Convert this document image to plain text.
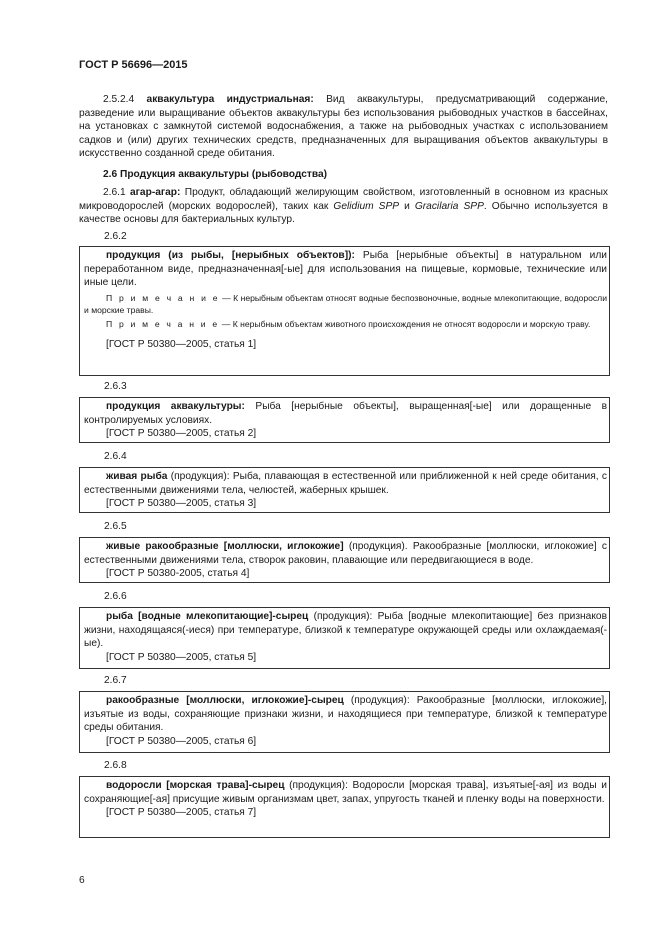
ГОСТ Р 56696—2015
2.5.2.4 аквакультура индустриальная: Вид аквакультуры, предусматривающий содержание, разведение или выращивание объектов аквакультуры без использования рыбоводных участков в бассейнах, на установках с замкнутой системой водоснабжения, а также на рыбоводных участках с использованием садков и (или) других технических средств, предназначенных для выращивания объектов аквакультуры в искусственно созданной среде обитания.
2.6 Продукция аквакультуры (рыбоводства)
2.6.1 агар-агар: Продукт, обладающий желирующим свойством, изготовленный в основном из красных микроводорослей (морских водорослей), таких как Gelidium SPP и Gracilaria SPP. Обычно используется в качестве основы для бактериальных культур.
2.6.2

продукция (из рыбы, [нерыбных объектов]): Рыба [нерыбные объекты] в натуральном или переработанном виде, предназначенная[-ые] для использования на пищевые, кормовые, технические или иные цели.

П р и м е ч а н и е — К нерыбным объектам относят водные беспозвоночные, водные млекопитающие, водоросли и морские травы.

П р и м е ч а н и е — К нерыбным объектам животного происхождения не относят водоросли и морскую траву.

[ГОСТ Р 50380—2005, статья 1]

2.6.3

продукция аквакультуры: Рыба [нерыбные объекты], выращенная[-ые] или доращенные в контролируемых условиях.

[ГОСТ Р 50380—2005, статья 2]

2.6.4

живая рыба (продукция): Рыба, плавающая в естественной или приближенной к ней среде обитания, с естественными движениями тела, челюстей, жаберных крышек.

[ГОСТ Р 50380—2005, статья 3]

2.6.5

живые ракообразные [моллюски, иглокожие] (продукция). Ракообразные [моллюски, иглокожие] с естественными движениями тела, створок раковин, плавающие или передвигающиеся в воде.

[ГОСТ Р 50380-2005, статья 4]

2.6.6

рыба [водные млекопитающие]-сырец (продукция): Рыба [водные млекопитающие] без признаков жизни, находящаяся(-иеся) при температуре, близкой к температуре окружающей среды или охлаждаемая(-ые).

[ГОСТ Р 50380—2005, статья 5]

2.6.7

ракообразные [моллюски, иглокожие]-сырец (продукция): Ракообразные [моллюски, иглокожие], изъятые из воды, сохраняющие признаки жизни, и находящиеся при температуре, близкой к температуре среды обитания.

[ГОСТ Р 50380—2005, статья 6]

2.6.8

водоросли [морская трава]-сырец (продукция): Водоросли [морская трава], изъятые[-ая] из воды и сохраняющие[-ая] присущие живым организмам цвет, запах, упругость тканей и пленку воды на поверхности.

[ГОСТ Р 50380—2005, статья 7]

6
